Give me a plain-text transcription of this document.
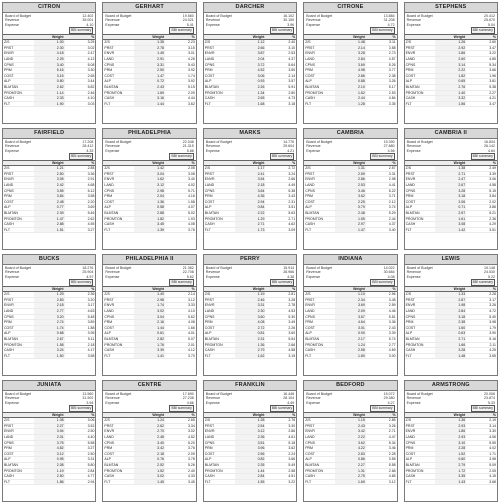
CITRON
Board of Budget	12.402
Revenue	35.001
Expense	4.10
BBI summary
	Weight	%
Z/S	1.00	3.25
PRST	2.30	3.02
ENVR	4.18	2.47
LAND	2.25	4.12
CPNS	3.40	5.08
PRM	5.16	3.30
COST	3.15	2.65
ALP	0.80	3.44
BLMTAN	2.62	5.82
PROMTON	1.14	2.46
CASH	2.33	4.10
FLT	1.90	3.03
GERHART
Board of Budget	19.560
Revenue	24.021
Expense	5.41
BBI summary
	Weight	%
Z/S	1.35	2.23
PRST	2.78	3.15
ENVR	1.45	3.01
LAND	2.91	4.26
CPNS	3.31	5.43
PRM	2.50	3.92
COST	1.47	1.74
ALP	0.72	3.92
BLMTAN	2.43	5.15
PROMTON	1.69	2.09
CASH	3.16	4.44
FLT	1.44	3.62
DARCHER
Board of Budget	16.102
Revenue	30.150
Expense	3.96
BBI summary
	Weight	%
Z/S	1.12	2.40
PRST	2.66	3.10
ENVR	3.87	2.53
LAND	2.04	4.37
CPNS	3.72	5.64
PRM	4.52	3.50
COST	3.06	2.14
ALP	0.93	3.57
BLMTAN	2.26	5.91
PROMTON	1.34	2.80
CASH	2.65	4.73
FLT	1.68	3.18
CITRONE
Board of Budget	13.884
Revenue	31.208
Expense	4.72
BBI summary
	Weight	%
Z/S	1.48	3.11
PRST	2.14	3.58
ENVR	3.28	2.73
LAND	2.84	4.57
CPNS	3.69	5.26
PRM	4.98	3.77
COST	2.86	2.38
ALP	0.88	3.26
BLMTAN	2.10	5.17
PROMTON	1.62	2.53
CASH	2.44	4.84
FLT	1.28	3.35
STEPHENS
Board of Budget	20.412
Revenue	25.670
Expense	5.04
BBI summary
	Weight	%
Z/S	1.26	2.60
PRST	2.92	3.47
ENVR	1.86	3.22
LAND	2.60	4.85
CPNS	3.14	5.34
PRM	2.22	3.66
COST	1.82	1.96
ALP	0.65	3.81
BLMTAN	2.76	5.38
PROMTON	1.40	2.27
CASH	3.32	4.21
FLT	1.56	3.47
FAIRFIELD
Board of Budget	17.208
Revenue	28.412
Expense	4.33
BBI summary
	Weight	%
Z/S	1.21	2.88
PRST	2.50	3.36
ENVR	3.05	2.91
LAND	2.42	4.68
CPNS	3.55	5.12
PRM	3.84	3.58
COST	2.48	2.20
ALP	0.77	3.69
BLMTAN	2.39	5.46
PROMTON	1.47	2.62
CASH	2.88	4.55
FLT	1.51	3.27
PHILADELPHIA
Board of Budget	22.048
Revenue	21.315
Expense	5.88
BBI summary
	Weight	%
Z/S	1.42	2.05
PRST	3.04	3.08
ENVR	1.62	3.40
LAND	3.12	4.02
CPNS	2.98	5.71
PRM	2.04	4.16
COST	1.36	1.58
ALP	0.58	4.07
BLMTAN	2.88	5.02
PROMTON	1.82	1.93
CASH	3.45	4.08
FLT	1.39	3.76
MARKS
Board of Budget	14.776
Revenue	29.604
Expense	4.21
BBI summary
	Weight	%
Z/S	1.17	2.72
PRST	2.41	3.24
ENVR	3.54	2.66
LAND	2.18	4.49
CPNS	3.64	5.38
PRM	4.36	3.43
COST	2.94	2.31
ALP	0.84	3.51
BLMTAN	2.22	5.63
PROMTON	1.29	2.71
CASH	2.71	4.62
FLT	1.73	3.09
CAMBRIA
Board of Budget	15.390
Revenue	27.880
Expense	4.56
BBI summary
	Weight	%
Z/S	1.31	2.57
PRST	2.59	3.31
ENVR	2.86	2.98
LAND	2.53	4.41
CPNS	3.46	5.22
PRM	3.62	3.71
COST	2.25	2.12
ALP	0.79	3.74
BLMTAN	2.48	5.29
PROMTON	1.55	2.44
CASH	2.97	4.37
FLT	1.47	3.40
CAMBRIA II
Board of Budget	16.834
Revenue	26.142
Expense	4.84
BBI summary
	Weight	%
Z/S	1.38	2.49
PRST	2.71	3.39
ENVR	2.47	3.06
LAND	2.67	4.58
CPNS	3.28	5.15
PRM	3.18	3.84
COST	2.06	2.02
ALP	0.71	3.86
BLMTAN	2.57	5.21
PROMTON	1.61	2.36
CASH	3.08	4.29
FLT	1.42	3.51
BUCKS
Board of Budget	18.276
Revenue	25.904
Expense	4.97
BBI summary
	Weight	%
Z/S	1.29	2.36
PRST	2.83	3.20
ENVR	2.18	3.17
LAND	2.77	4.63
CPNS	3.20	5.48
PRM	2.74	3.89
COST	1.74	1.88
ALP	0.68	3.95
BLMTAN	2.67	5.11
PROMTON	1.58	2.18
CASH	3.24	4.17
FLT	1.50	3.58
PHILADELPHIA II
Board of Budget	21.362
Revenue	22.708
Expense	5.62
BBI summary
	Weight	%
Z/S	1.40	2.14
PRST	2.98	3.12
ENVR	1.74	3.33
LAND	3.02	4.10
CPNS	3.04	5.62
PRM	2.16	4.08
COST	1.44	1.66
ALP	0.61	4.01
BLMTAN	2.82	5.07
PROMTON	1.76	2.01
CASH	3.39	4.12
FLT	1.41	3.70
PERRY
Board of Budget	15.914
Revenue	28.966
Expense	4.38
BBI summary
	Weight	%
Z/S	1.19	2.81
PRST	2.46	3.28
ENVR	3.31	2.78
LAND	2.30	4.53
CPNS	3.60	5.30
PRM	4.08	3.49
COST	2.72	2.26
ALP	0.81	3.60
BLMTAN	2.31	5.54
PROMTON	1.36	2.66
CASH	2.79	4.58
FLT	1.62	3.15
INDIANA
Board of Budget	14.022
Revenue	30.684
Expense	4.08
BBI summary
	Weight	%
Z/S	1.10	2.96
PRST	2.34	3.45
ENVR	3.69	2.59
LAND	2.09	4.46
CPNS	3.67	5.51
PRM	4.64	3.36
COST	3.01	2.43
ALP	0.90	3.39
BLMTAN	2.17	5.74
PROMTON	1.24	2.77
CASH	2.58	4.69
FLT	1.80	3.00
LEWIS
Board of Budget	19.148
Revenue	24.530
Expense	5.22
BBI summary
	Weight	%
Z/S	1.33	2.28
PRST	2.87	3.17
ENVR	1.98	3.26
LAND	2.84	4.72
CPNS	3.18	5.40
PRM	2.38	3.98
COST	1.60	1.79
ALP	0.63	3.90
BLMTAN	2.71	5.16
PROMTON	1.66	2.11
CASH	3.28	4.25
FLT	1.48	3.65
JUNIATA
Board of Budget	13.560
Revenue	31.902
Expense	3.94
BBI summary
	Weight	%
Z/S	1.08	3.06
PRST	2.27	3.52
ENVR	3.94	2.50
LAND	2.01	4.40
CPNS	3.75	5.58
PRM	4.82	3.27
COST	3.12	2.50
ALP	0.95	3.31
BLMTAN	2.08	5.80
PROMTON	1.19	2.84
CASH	2.50	4.77
FLT	1.86	2.94
CENTRE
Board of Budget	17.690
Revenue	27.238
Expense	4.66
BBI summary
	Weight	%
Z/S	1.24	2.65
PRST	2.62	3.34
ENVR	2.70	3.02
LAND	2.48	4.52
CPNS	3.40	5.20
PRM	3.42	3.76
COST	2.18	2.09
ALP	0.76	3.78
BLMTAN	2.52	5.26
PROMTON	1.52	2.40
CASH	3.02	4.33
FLT	1.45	3.45
FRANKLIN
Board of Budget	16.448
Revenue	28.104
Expense	4.49
BBI summary
	Weight	%
Z/S	1.28	2.76
PRST	2.54	3.30
ENVR	3.12	2.86
LAND	2.36	4.61
CPNS	3.51	5.18
PRM	3.96	3.62
COST	2.56	2.24
ALP	0.82	3.66
BLMTAN	2.35	5.49
PROMTON	1.44	2.58
CASH	2.84	4.51
FLT	1.55	3.22
BEDFORD
Board of Budget	15.072
Revenue	29.380
Expense	4.27
BBI summary
	Weight	%
Z/S	1.15	2.85
PRST	2.43	3.26
ENVR	3.42	2.71
LAND	2.22	4.47
CPNS	3.62	5.34
PRM	4.22	3.46
COST	2.83	2.28
ALP	0.86	3.55
BLMTAN	2.27	5.58
PROMTON	1.31	2.68
CASH	2.75	4.65
FLT	1.69	3.12
ARMSTRONG
Board of Budget	20.006
Revenue	23.874
Expense	5.33
BBI summary
	Weight	%
Z/S	1.36	2.19
PRST	2.93	3.14
ENVR	1.86	3.30
LAND	2.93	4.06
CPNS	3.10	5.55
PRM	2.28	4.02
COST	1.52	1.71
ALP	0.60	3.98
BLMTAN	2.79	5.09
PROMTON	1.72	2.05
CASH	3.35	4.15
FLT	1.43	3.68
